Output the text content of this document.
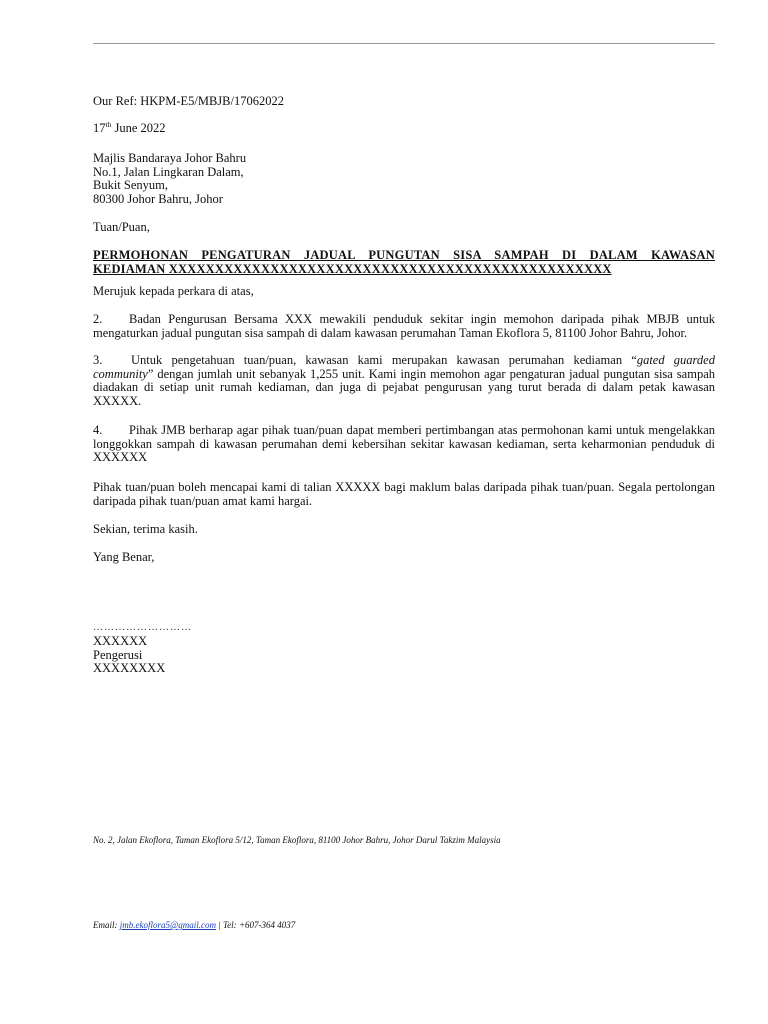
Our Ref: HKPM-E5/MBJB/17062022
17th June 2022
Majlis Bandaraya Johor Bahru
No.1, Jalan Lingkaran Dalam,
Bukit Senyum,
80300 Johor Bahru, Johor
Tuan/Puan,
PERMOHONAN PENGATURAN JADUAL PUNGUTAN SISA SAMPAH DI DALAM KAWASAN
KEDIAMAN XXXXXXXXXXXXXXXXXXXXXXXXXXXXXXXXXXXXXXXXXXXXXXXX
Merujuk kepada perkara di atas,
2. Badan Pengurusan Bersama XXX mewakili penduduk sekitar ingin memohon daripada pihak MBJB untuk mengaturkan jadual pungutan sisa sampah di dalam kawasan perumahan Taman Ekoflora 5, 81100 Johor Bahru, Johor.
3. Untuk pengetahuan tuan/puan, kawasan kami merupakan kawasan perumahan kediaman “gated guarded community” dengan jumlah unit sebanyak 1,255 unit. Kami ingin memohon agar pengaturan jadual pungutan sisa sampah diadakan di setiap unit rumah kediaman, dan juga di pejabat pengurusan yang turut berada di dalam petak kawasan XXXXX.
4. Pihak JMB berharap agar pihak tuan/puan dapat memberi pertimbangan atas permohonan kami untuk mengelakkan longgokkan sampah di kawasan perumahan demi kebersihan sekitar kawasan kediaman, serta keharmonian penduduk di XXXXXX
Pihak tuan/puan boleh mencapai kami di talian XXXXX bagi maklum balas daripada pihak tuan/puan. Segala pertolongan daripada pihak tuan/puan amat kami hargai.
Sekian, terima kasih.
Yang Benar,
………………………
XXXXXX
Pengerusi
XXXXXXXX
No. 2, Jalan Ekoflora, Taman Ekoflora 5/12, Taman Ekoflora, 81100 Johor Bahru, Johor Darul Takzim Malaysia
Email: jmb.ekoflora5@gmail.com | Tel: +607-364 4037
